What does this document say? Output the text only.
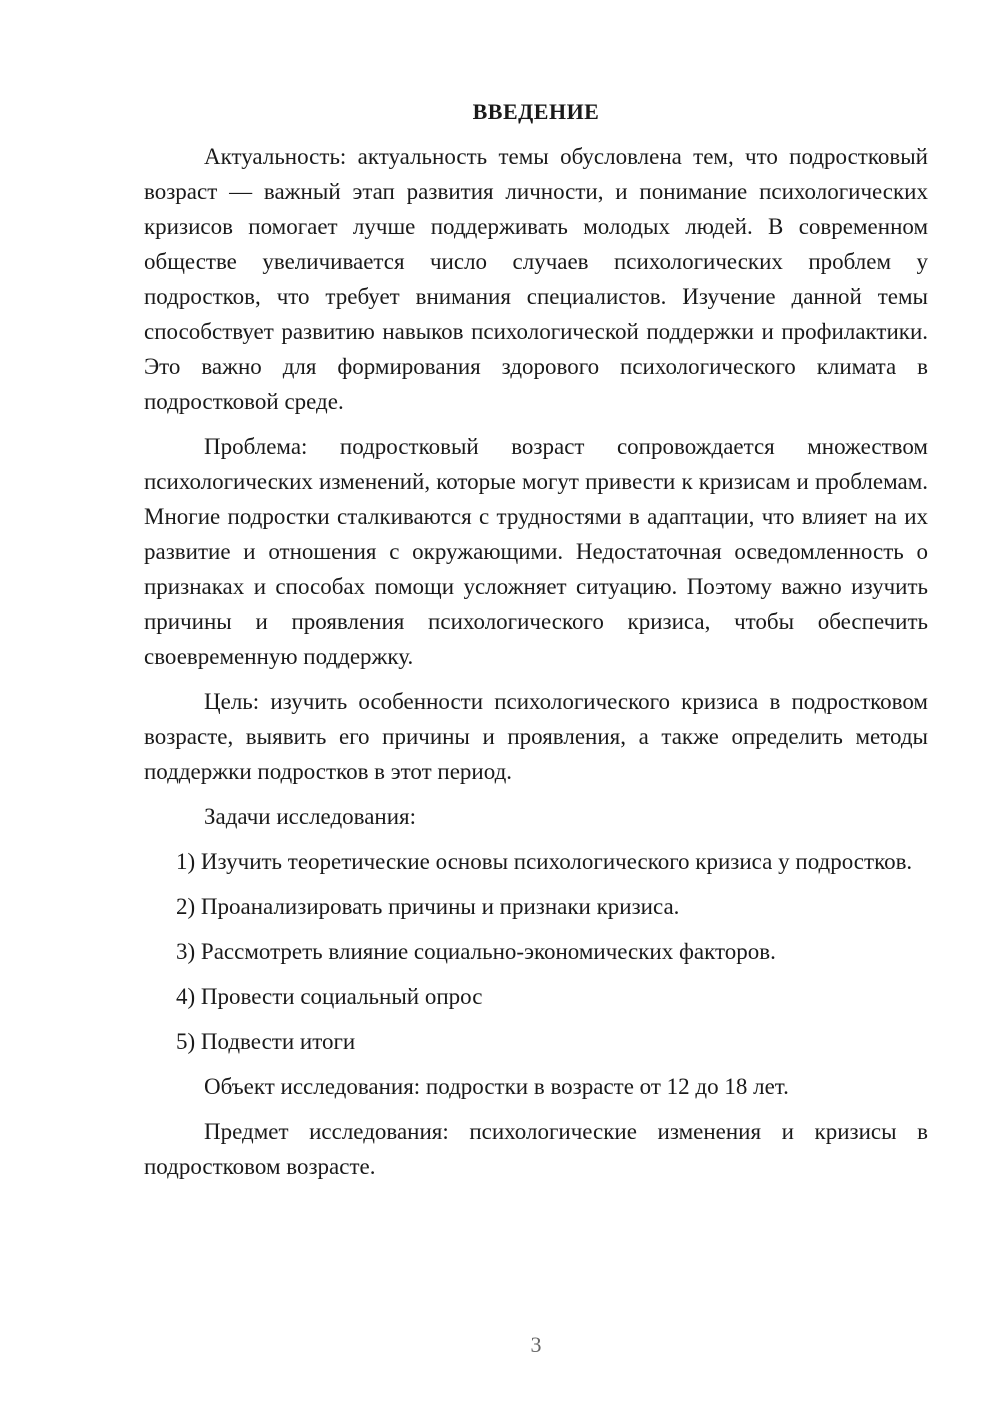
ВВЕДЕНИЕ

Актуальность: актуальность темы обусловлена тем, что подростковый возраст — важный этап развития личности, и понимание психологических кризисов помогает лучше поддерживать молодых людей. В современном обществе увеличивается число случаев психологических проблем у подростков, что требует внимания специалистов. Изучение данной темы способствует развитию навыков психологической поддержки и профилактики. Это важно для формирования здорового психологического климата в подростковой среде.

Проблема: подростковый возраст сопровождается множеством психологических изменений, которые могут привести к кризисам и проблемам. Многие подростки сталкиваются с трудностями в адаптации, что влияет на их развитие и отношения с окружающими. Недостаточная осведомленность о признаках и способах помощи усложняет ситуацию. Поэтому важно изучить причины и проявления психологического кризиса, чтобы обеспечить своевременную поддержку.

Цель: изучить особенности психологического кризиса в подростковом возрасте, выявить его причины и проявления, а также определить методы поддержки подростков в этот период.

Задачи исследования:

1) Изучить теоретические основы психологического кризиса у подростков.

2) Проанализировать причины и признаки кризиса.

3) Рассмотреть влияние социально-экономических факторов.

4) Провести социальный опрос

5) Подвести итоги

Объект исследования: подростки в возрасте от 12 до 18 лет.

Предмет исследования: психологические изменения и кризисы в подростковом возрасте.

3
